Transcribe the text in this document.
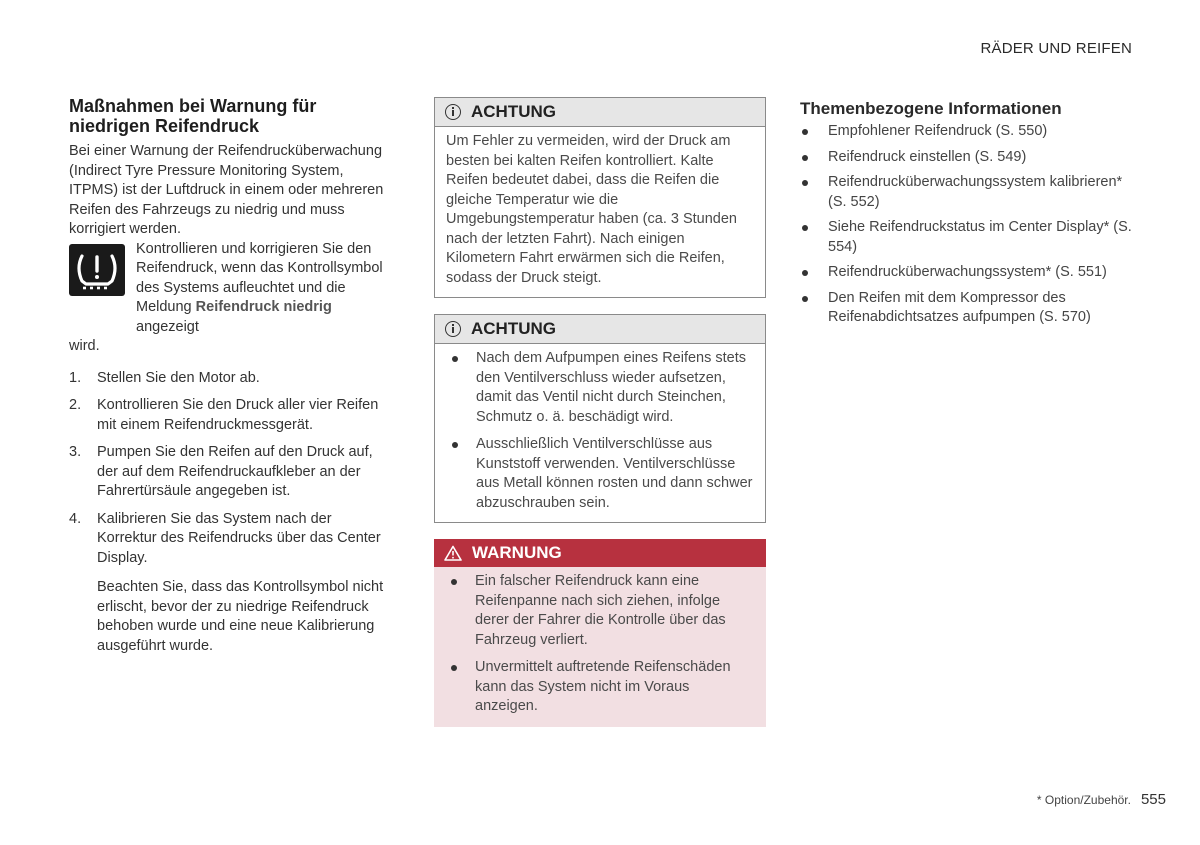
RÄDER UND REIFEN
Maßnahmen bei Warnung für niedrigen Reifendruck

Bei einer Warnung der Reifendrucküberwachung (Indirect Tyre Pressure Monitoring System, ITPMS) ist der Luftdruck in einem oder mehreren Reifen des Fahrzeugs zu niedrig und muss korrigiert werden.

Kontrollieren und korrigieren Sie den Reifendruck, wenn das Kontrollsymbol des Systems aufleuchtet und die Meldung Reifendruck niedrig angezeigt

wird.

1. Stellen Sie den Motor ab.
2. Kontrollieren Sie den Druck aller vier Reifen mit einem Reifendruckmessgerät.
3. Pumpen Sie den Reifen auf den Druck auf, der auf dem Reifendruckaufkleber an der Fahrertürsäule angegeben ist.
4. Kalibrieren Sie das System nach der Korrektur des Reifendrucks über das Center Display.

Beachten Sie, dass das Kontrollsymbol nicht erlischt, bevor der zu niedrige Reifendruck behoben wurde und eine neue Kalibrierung ausgeführt wurde.

ACHTUNG
Um Fehler zu vermeiden, wird der Druck am besten bei kalten Reifen kontrolliert. Kalte Reifen bedeutet dabei, dass die Reifen die gleiche Temperatur wie die Umgebungstemperatur haben (ca. 3 Stunden nach der letzten Fahrt). Nach einigen Kilometern Fahrt erwärmen sich die Reifen, sodass der Druck steigt.
ACHTUNG
Nach dem Aufpumpen eines Reifens stets den Ventilverschluss wieder aufsetzen, damit das Ventil nicht durch Steinchen, Schmutz o. ä. beschädigt wird.
Ausschließlich Ventilverschlüsse aus Kunststoff verwenden. Ventilverschlüsse aus Metall können rosten und dann schwer abzuschrauben sein.
WARNUNG
Ein falscher Reifendruck kann eine Reifenpanne nach sich ziehen, infolge derer der Fahrer die Kontrolle über das Fahrzeug verliert.
Unvermittelt auftretende Reifenschäden kann das System nicht im Voraus anzeigen.
Themenbezogene Informationen
Empfohlener Reifendruck (S. 550)
Reifendruck einstellen (S. 549)
Reifendrucküberwachungssystem kalibrieren* (S. 552)
Siehe Reifendruckstatus im Center Display* (S. 554)
Reifendrucküberwachungssystem* (S. 551)
Den Reifen mit dem Kompressor des Reifenabdichtsatzes aufpumpen (S. 570)
* Option/Zubehör. 555
